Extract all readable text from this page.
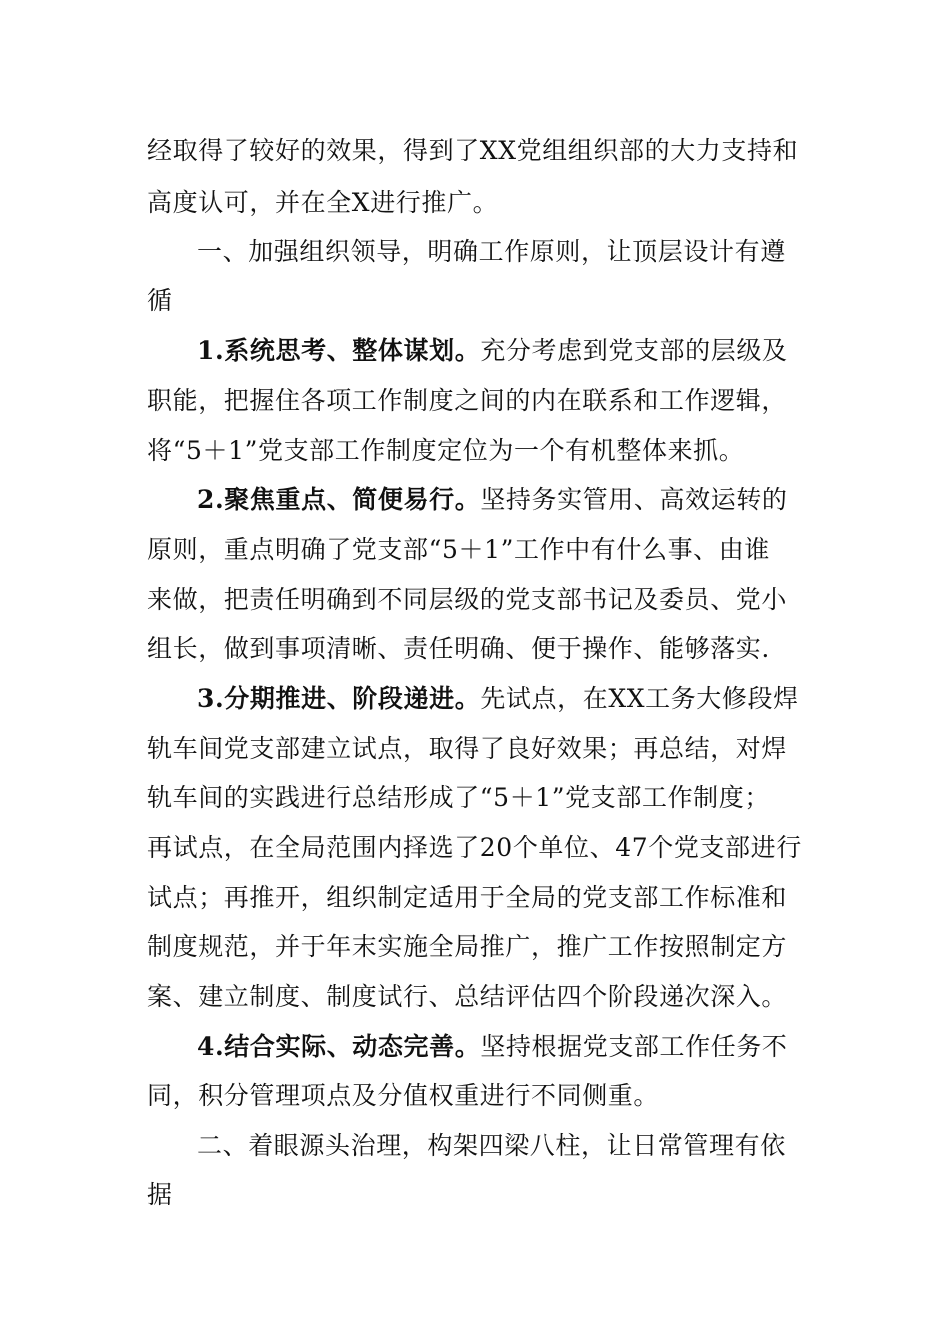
经取得了较好的效果，得到了XX党组组织部的大力支持和
高度认可，并在全X进行推广。
一、加强组织领导，明确工作原则，让顶层设计有遵
循
1.系统思考、整体谋划。充分考虑到党支部的层级及
职能，把握住各项工作制度之间的内在联系和工作逻辑，
将“5＋1”党支部工作制度定位为一个有机整体来抓。
2.聚焦重点、简便易行。坚持务实管用、高效运转的
原则，重点明确了党支部“5＋1”工作中有什么事、由谁
来做，把责任明确到不同层级的党支部书记及委员、党小
组长，做到事项清晰、责任明确、便于操作、能够落实.
3.分期推进、阶段递进。先试点，在XX工务大修段焊
轨车间党支部建立试点，取得了良好效果；再总结，对焊
轨车间的实践进行总结形成了“5＋1”党支部工作制度；
再试点，在全局范围内择选了20个单位、47个党支部进行
试点；再推开，组织制定适用于全局的党支部工作标准和
制度规范，并于年末实施全局推广，推广工作按照制定方
案、建立制度、制度试行、总结评估四个阶段递次深入。
4.结合实际、动态完善。坚持根据党支部工作任务不
同，积分管理项点及分值权重进行不同侧重。
二、着眼源头治理，构架四梁八柱，让日常管理有依
据
